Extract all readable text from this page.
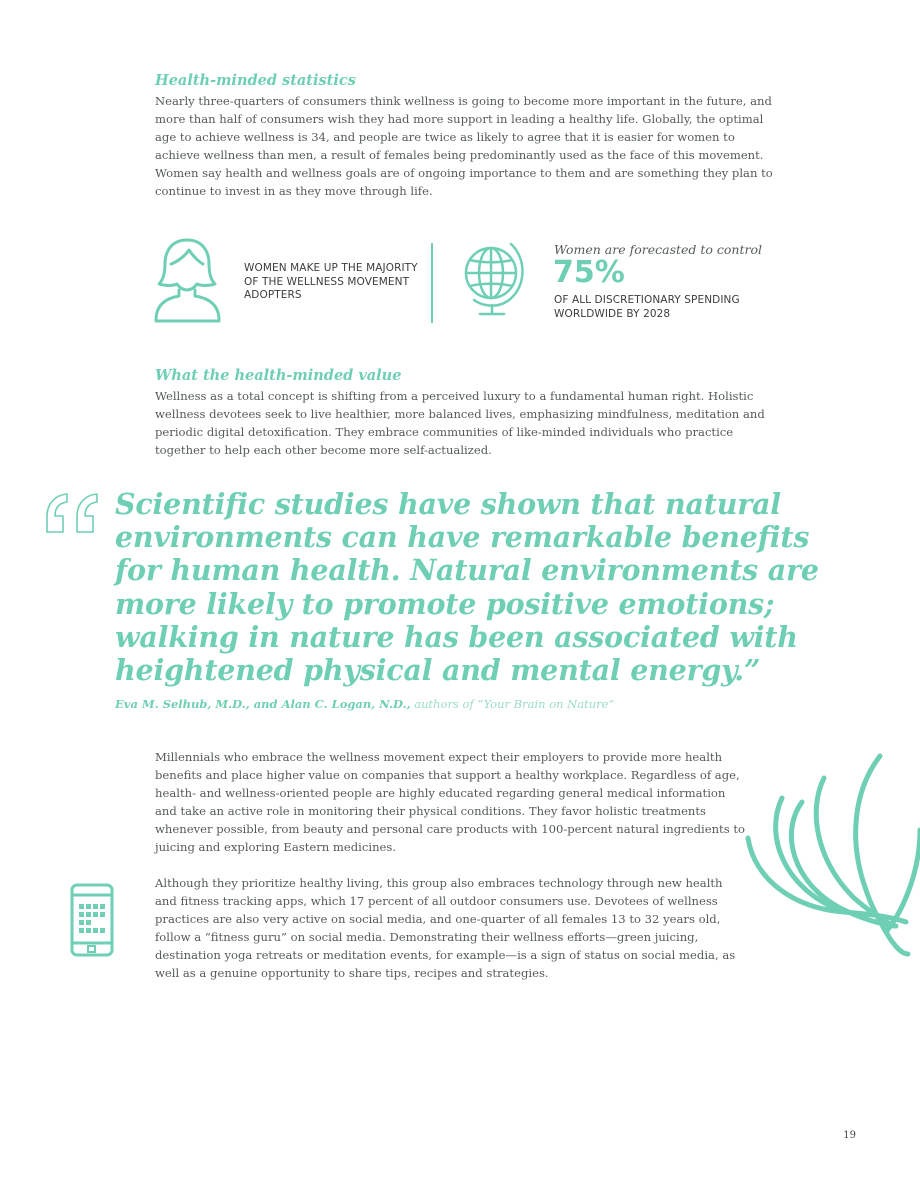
Health-minded statistics

Nearly three-quarters of consumers think wellness is going to become more important in the future, and more than half of consumers wish they had more support in leading a healthy life. Globally, the optimal age to achieve wellness is 34, and people are twice as likely to agree that it is easier for women to achieve wellness than men, a result of females being predominantly used as the face of this movement. Women say health and wellness goals are of ongoing importance to them and are something they plan to continue to invest in as they move through life.

WOMEN MAKE UP THE MAJORITY OF THE WELLNESS MOVEMENT ADOPTERS
Women are forecasted to control
75%
OF ALL DISCRETIONARY SPENDING WORLDWIDE BY 2028
What the health-minded value

Wellness as a total concept is shifting from a perceived luxury to a fundamental human right. Holistic wellness devotees seek to live healthier, more balanced lives, emphasizing mindfulness, meditation and periodic digital detoxification. They embrace communities of like-minded individuals who practice together to help each other become more self-actualized.

Scientific studies have shown that natural environments can have remarkable benefits for human health. Natural environments are more likely to promote positive emotions; walking in nature has been associated with heightened physical and mental energy.”

Eva M. Selhub, M.D., and Alan C. Logan, N.D., authors of “Your Brain on Nature”

Millennials who embrace the wellness movement expect their employers to provide more health benefits and place higher value on companies that support a healthy workplace. Regardless of age, health- and wellness-oriented people are highly educated regarding general medical information and take an active role in monitoring their physical conditions. They favor holistic treatments whenever possible, from beauty and personal care products with 100-percent natural ingredients to juicing and exploring Eastern medicines.

Although they prioritize healthy living, this group also embraces technology through new health and fitness tracking apps, which 17 percent of all outdoor consumers use. Devotees of wellness practices are also very active on social media, and one-quarter of all females 13 to 32 years old, follow a “fitness guru” on social media. Demonstrating their wellness efforts—green juicing, destination yoga retreats or meditation events, for example—is a sign of status on social media, as well as a genuine opportunity to share tips, recipes and strategies.

19
